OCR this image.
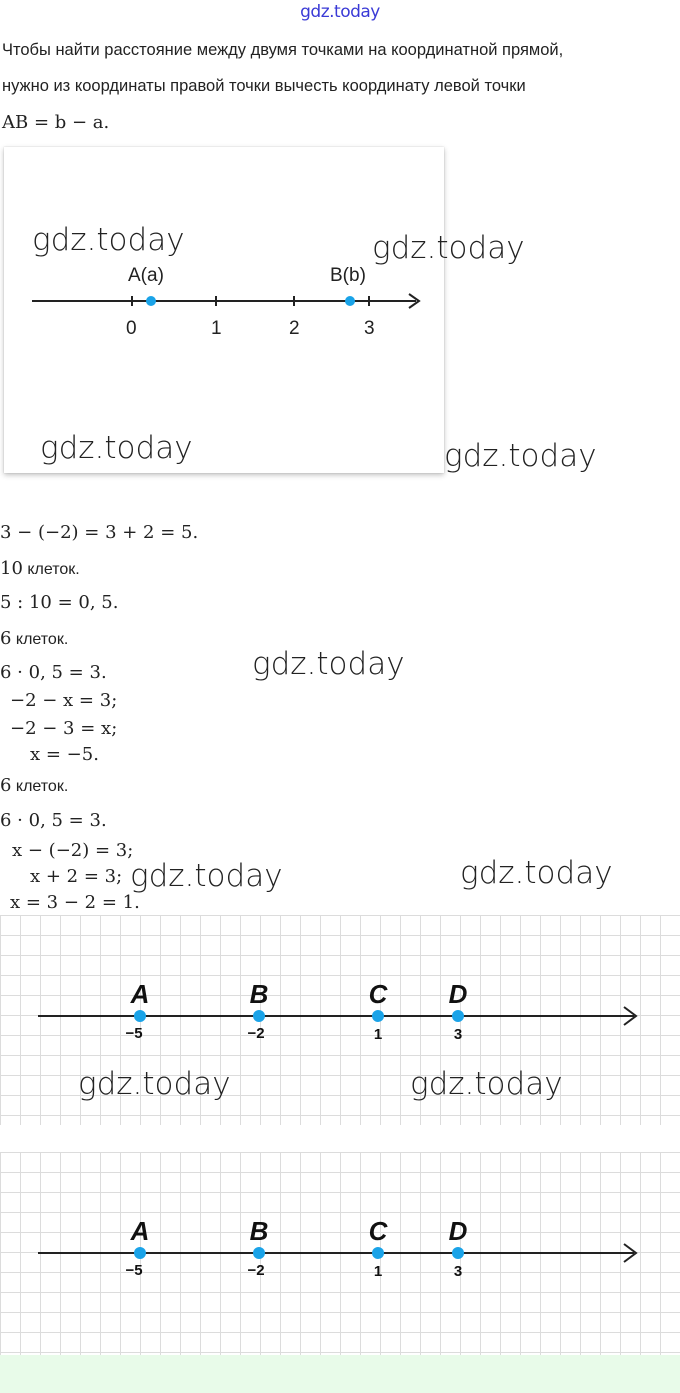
gdz.today
Чтобы найти расстояние между двумя точками на координатной прямой,
нужно из координаты правой точки вычесть координату левой точки
AB = b − a.
A(a)	B(b)
0	1	2	3
gdz.today	gdz.today
gdz.today	gdz.today
gdz.today
gdz.today
3 − (−2) = 3 + 2 = 5.
10 клеток.
5 : 10 = 0, 5.
6 клеток.
6 · 0, 5 = 3.
−2 − x = 3;
−2 − 3 = x;
x = −5.
6 клеток.
6 · 0, 5 = 3.
x − (−2) = 3;
x + 2 = 3; gdz.today
A	B	C D
−5	−2	1	3
x = 3 − 2 = 1.
gdz.today	gdz.today
A	B	C D
−5	−2	1	3
